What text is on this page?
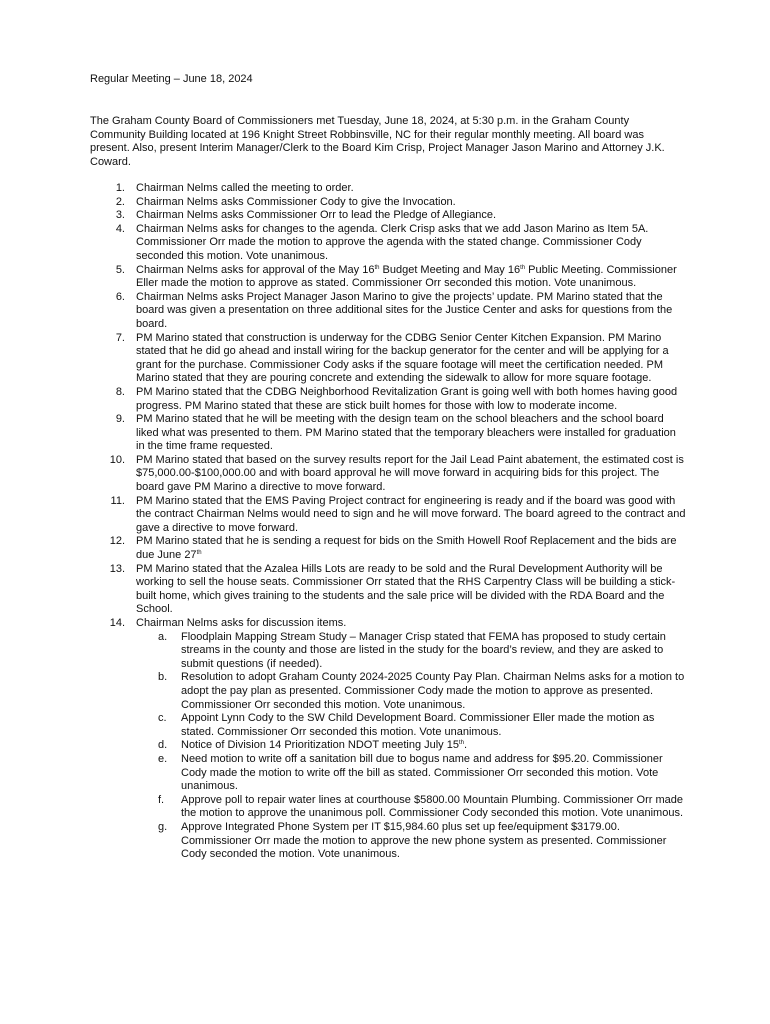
Regular Meeting – June 18, 2024
The Graham County Board of Commissioners met Tuesday, June 18, 2024, at 5:30 p.m. in the Graham County Community Building located at 196 Knight Street Robbinsville, NC for their regular monthly meeting. All board was present. Also, present Interim Manager/Clerk to the Board Kim Crisp, Project Manager Jason Marino and Attorney J.K. Coward.
1. Chairman Nelms called the meeting to order.
2. Chairman Nelms asks Commissioner Cody to give the Invocation.
3. Chairman Nelms asks Commissioner Orr to lead the Pledge of Allegiance.
4. Chairman Nelms asks for changes to the agenda. Clerk Crisp asks that we add Jason Marino as Item 5A. Commissioner Orr made the motion to approve the agenda with the stated change. Commissioner Cody seconded this motion. Vote unanimous.
5. Chairman Nelms asks for approval of the May 16th Budget Meeting and May 16th Public Meeting. Commissioner Eller made the motion to approve as stated. Commissioner Orr seconded this motion. Vote unanimous.
6. Chairman Nelms asks Project Manager Jason Marino to give the projects’ update. PM Marino stated that the board was given a presentation on three additional sites for the Justice Center and asks for questions from the board.
7. PM Marino stated that construction is underway for the CDBG Senior Center Kitchen Expansion. PM Marino stated that he did go ahead and install wiring for the backup generator for the center and will be applying for a grant for the purchase. Commissioner Cody asks if the square footage will meet the certification needed. PM Marino stated that they are pouring concrete and extending the sidewalk to allow for more square footage.
8. PM Marino stated that the CDBG Neighborhood Revitalization Grant is going well with both homes having good progress. PM Marino stated that these are stick built homes for those with low to moderate income.
9. PM Marino stated that he will be meeting with the design team on the school bleachers and the school board liked what was presented to them. PM Marino stated that the temporary bleachers were installed for graduation in the time frame requested.
10. PM Marino stated that based on the survey results report for the Jail Lead Paint abatement, the estimated cost is $75,000.00-$100,000.00 and with board approval he will move forward in acquiring bids for this project. The board gave PM Marino a directive to move forward.
11. PM Marino stated that the EMS Paving Project contract for engineering is ready and if the board was good with the contract Chairman Nelms would need to sign and he will move forward. The board agreed to the contract and gave a directive to move forward.
12. PM Marino stated that he is sending a request for bids on the Smith Howell Roof Replacement and the bids are due June 27th
13. PM Marino stated that the Azalea Hills Lots are ready to be sold and the Rural Development Authority will be working to sell the house seats. Commissioner Orr stated that the RHS Carpentry Class will be building a stick-built home, which gives training to the students and the sale price will be divided with the RDA Board and the School.
14. Chairman Nelms asks for discussion items.
a. Floodplain Mapping Stream Study – Manager Crisp stated that FEMA has proposed to study certain streams in the county and those are listed in the study for the board’s review, and they are asked to submit questions (if needed).
b. Resolution to adopt Graham County 2024-2025 County Pay Plan. Chairman Nelms asks for a motion to adopt the pay plan as presented. Commissioner Cody made the motion to approve as presented. Commissioner Orr seconded this motion. Vote unanimous.
c. Appoint Lynn Cody to the SW Child Development Board. Commissioner Eller made the motion as stated. Commissioner Orr seconded this motion. Vote unanimous.
d. Notice of Division 14 Prioritization NDOT meeting July 15th.
e. Need motion to write off a sanitation bill due to bogus name and address for $95.20. Commissioner Cody made the motion to write off the bill as stated. Commissioner Orr seconded this motion. Vote unanimous.
f. Approve poll to repair water lines at courthouse $5800.00 Mountain Plumbing. Commissioner Orr made the motion to approve the unanimous poll. Commissioner Cody seconded this motion. Vote unanimous.
g. Approve Integrated Phone System per IT $15,984.60 plus set up fee/equipment $3179.00. Commissioner Orr made the motion to approve the new phone system as presented. Commissioner Cody seconded the motion. Vote unanimous.
